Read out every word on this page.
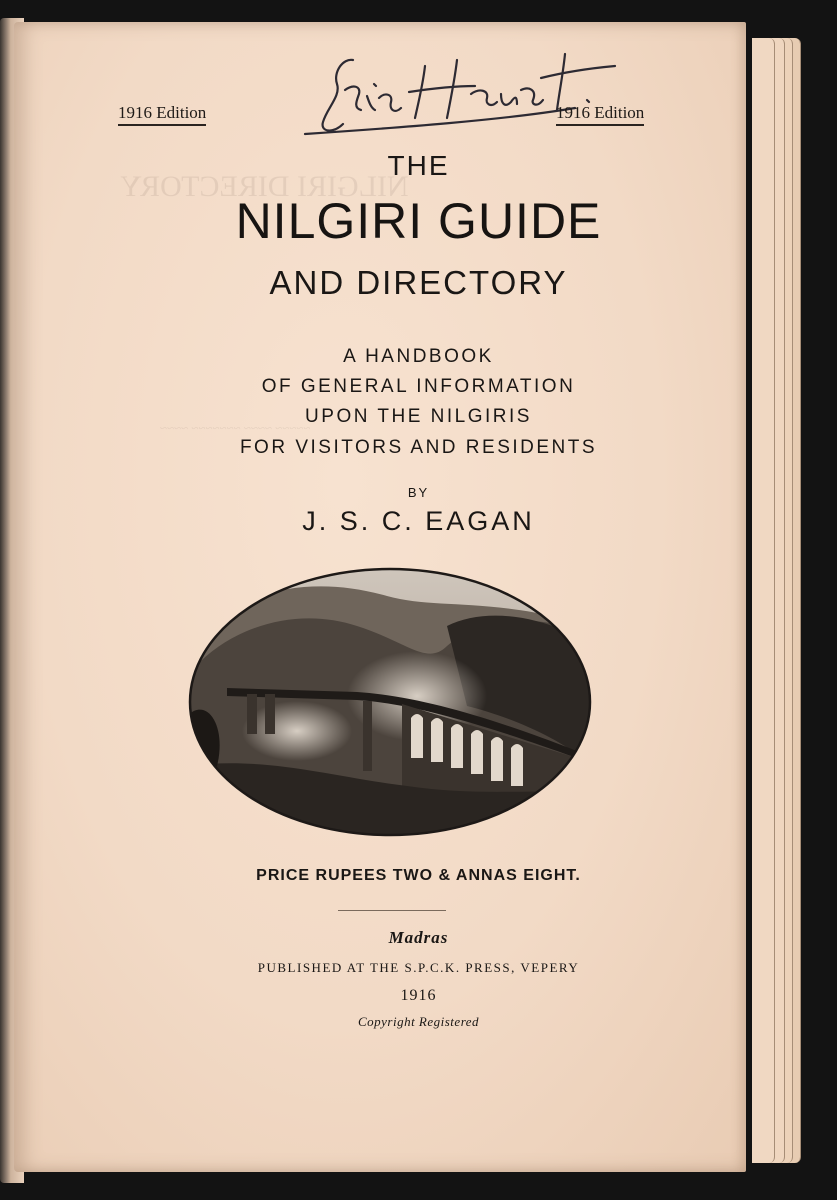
NILGIRI DIRECTORY
~~~~~ ~~~~ ~~~~~~~ ~~~~
1916 Edition	1916 Edition
THE
NILGIRI GUIDE
AND DIRECTORY
A HANDBOOK
OF GENERAL INFORMATION
UPON THE NILGIRIS
FOR VISITORS AND RESIDENTS
BY
J. S. C. EAGAN
PRICE RUPEES TWO & ANNAS EIGHT.
Madras
PUBLISHED AT THE S.P.C.K. PRESS, VEPERY
1916
Copyright Registered
